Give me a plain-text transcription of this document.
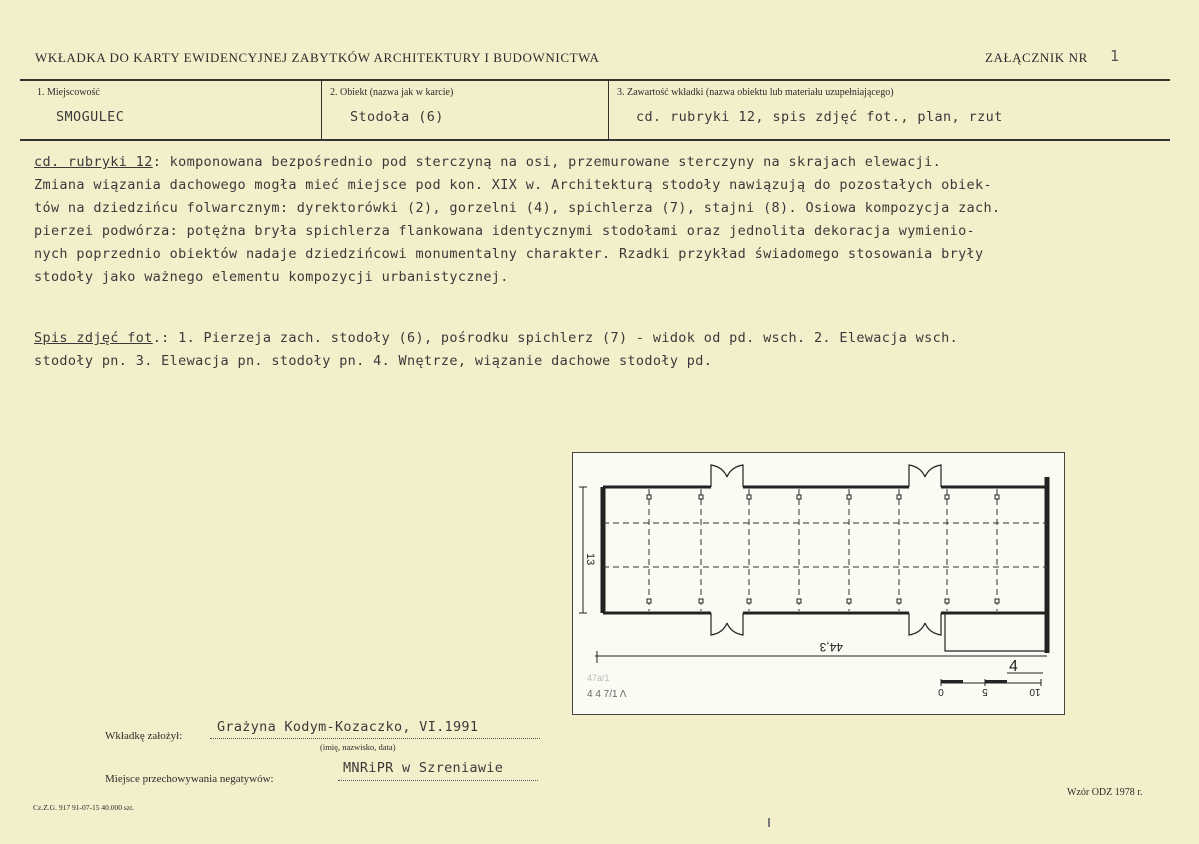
WKŁADKA DO KARTY EWIDENCYJNEJ ZABYTKÓW ARCHITEKTURY I BUDOWNICTWA	ZAŁĄCZNIK NR 1
1. Miejscowość
SMOGULEC
2. Obiekt (nazwa jak w karcie)
Stodoła (6)
3. Zawartość wkładki (nazwa obiektu lub materiału uzupełniającego)
cd. rubryki 12, spis zdjęć fot., plan, rzut
cd. rubryki 12: komponowana bezpośrednio pod sterczyną na osi, przemurowane sterczyny na skrajach elewacji.
Zmiana wiązania dachowego mogła mieć miejsce pod kon. XIX w. Architekturą stodoły nawiązują do pozostałych obiek-
tów na dziedzińcu folwarcznym: dyrektorówki (2), gorzelni (4), spichlerza (7), stajni (8). Osiowa kompozycja zach.
pierzei podwórza: potężna bryła spichlerza flankowana identycznymi stodołami oraz jednolita dekoracja wymienio-
nych poprzednio obiektów nadaje dziedzińcowi monumentalny charakter. Rzadki przykład świadomego stosowania bryły
stodoły jako ważnego elementu kompozycji urbanistycznej.
Spis zdjęć fot.: 1. Pierzeja zach. stodoły (6), pośrodku spichlerz (7) - widok od pd. wsch. 2. Elewacja wsch.
stodoły pn. 3. Elewacja pn. stodoły pn. 4. Wnętrze, wiązanie dachowe stodoły pd.
13
44,3
0	5	10
4
47a/1
4 4 7/1 Λ
Wkładkę założył:
Grażyna Kodym-Kozaczko, VI.1991
(imię, nazwisko, data)
Miejsce przechowywania negatywów:
MNRiPR w Szreniawie
Cz.Z.G. 917 91-07-15 40.000 szt.
Wzór ODZ 1978 r.
